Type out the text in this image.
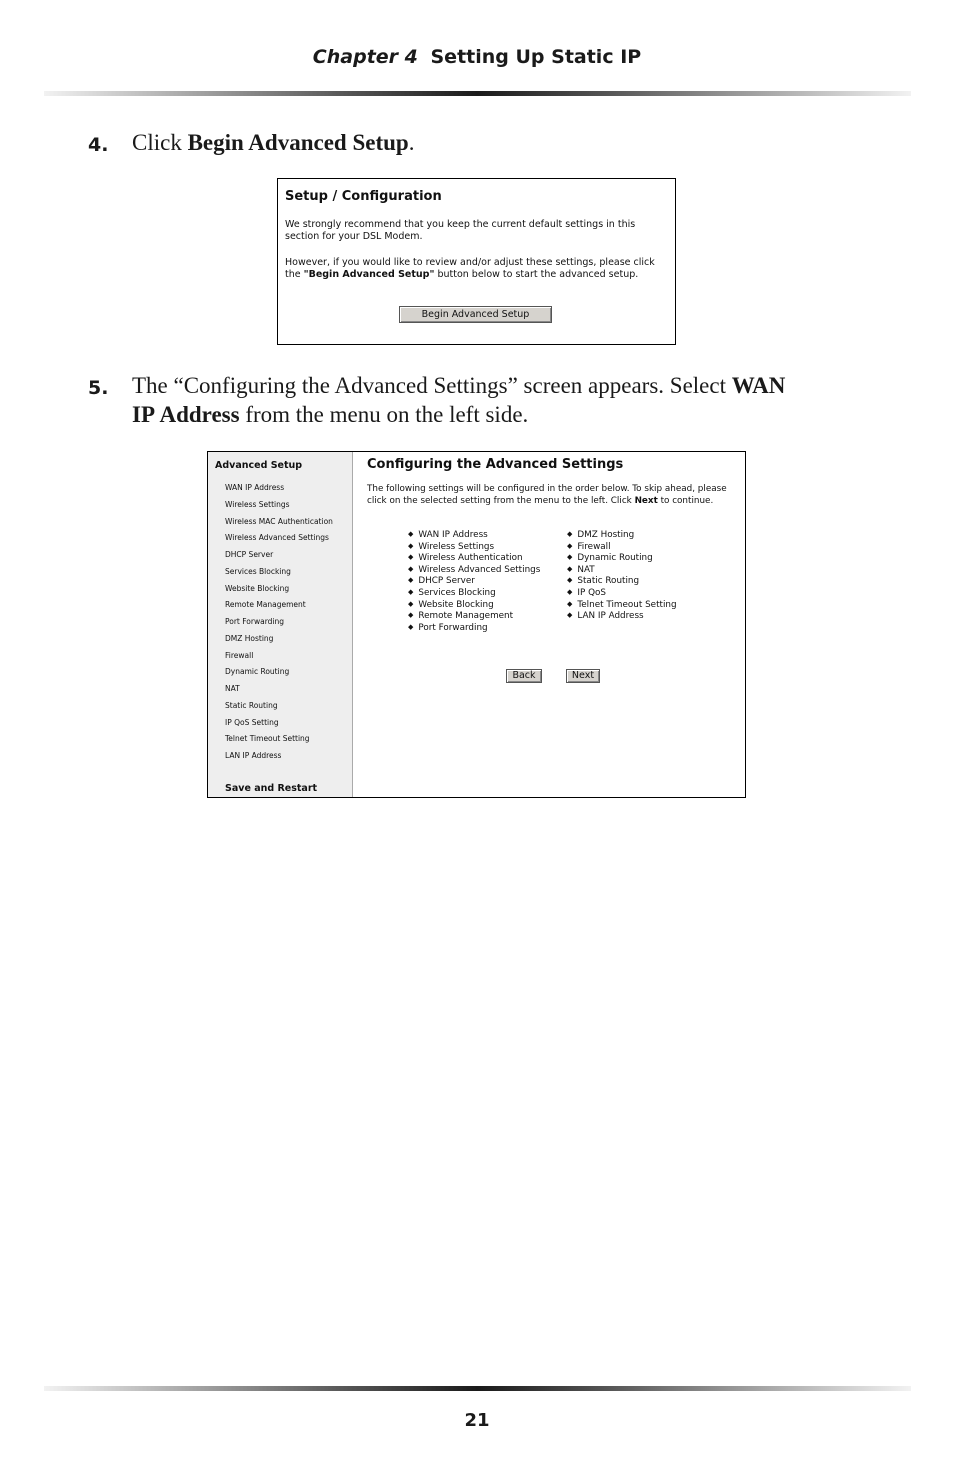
Chapter 4 Setting Up Static IP
4. Click Begin Advanced Setup.
Setup / Configuration
We strongly recommend that you keep the current default settings in this section for your DSL Modem.
However, if you would like to review and/or adjust these settings, please click the "Begin Advanced Setup" button below to start the advanced setup.
Begin Advanced Setup
5. The “Configuring the Advanced Settings” screen appears. Select WAN IP Address from the menu on the left side.
Advanced Setup
WAN IP Address
Wireless Settings
Wireless MAC Authentication
Wireless Advanced Settings
DHCP Server
Services Blocking
Website Blocking
Remote Management
Port Forwarding
DMZ Hosting
Firewall
Dynamic Routing
NAT
Static Routing
IP QoS Setting
Telnet Timeout Setting
LAN IP Address
Save and Restart
Configuring the Advanced Settings
The following settings will be configured in the order below. To skip ahead, please click on the selected setting from the menu to the left. Click Next to continue.
◆ WAN IP Address
◆ Wireless Settings
◆ Wireless Authentication
◆ Wireless Advanced Settings
◆ DHCP Server
◆ Services Blocking
◆ Website Blocking
◆ Remote Management
◆ Port Forwarding
◆ DMZ Hosting
◆ Firewall
◆ Dynamic Routing
◆ NAT
◆ Static Routing
◆ IP QoS
◆ Telnet Timeout Setting
◆ LAN IP Address
Back	Next
21
